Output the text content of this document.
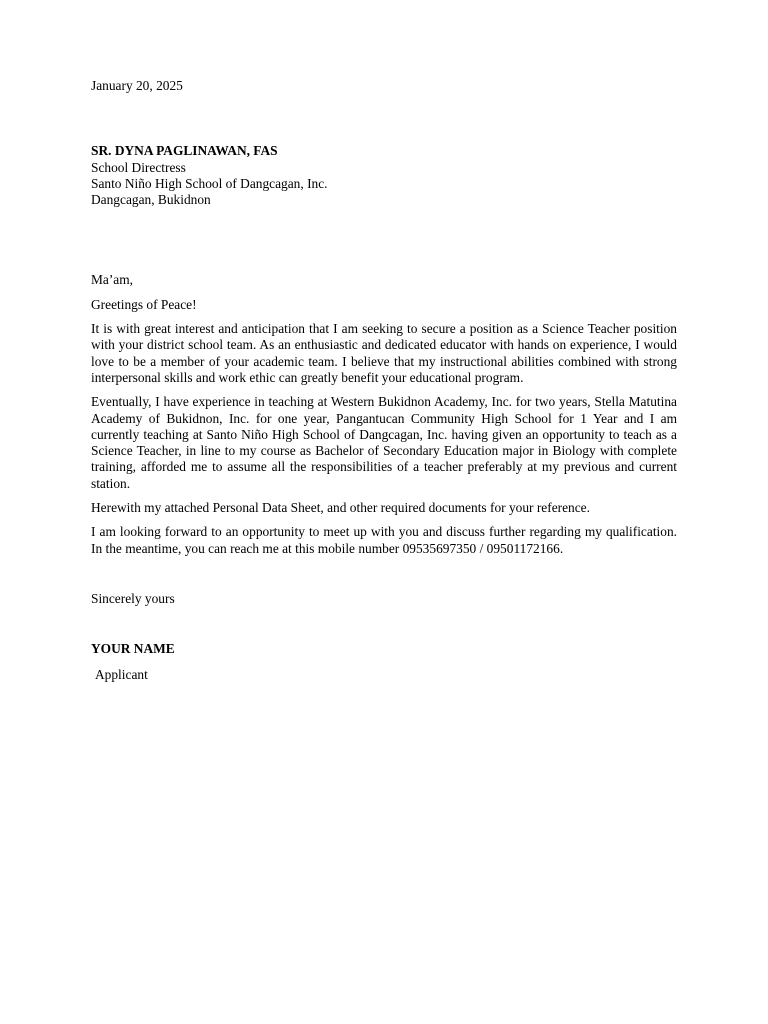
January 20, 2025
SR. DYNA PAGLINAWAN, FAS
School Directress
Santo Niño High School of Dangcagan, Inc.
Dangcagan, Bukidnon

Ma’am,

Greetings of Peace!

It is with great interest and anticipation that I am seeking to secure a position as a Science Teacher position with your district school team. As an enthusiastic and dedicated educator with hands on experience, I would love to be a member of your academic team. I believe that my instructional abilities combined with strong interpersonal skills and work ethic can greatly benefit your educational program.

Eventually, I have experience in teaching at Western Bukidnon Academy, Inc. for two years, Stella Matutina Academy of Bukidnon, Inc. for one year, Pangantucan Community High School for 1 Year and I am currently teaching at Santo Niño High School of Dangcagan, Inc. having given an opportunity to teach as a Science Teacher, in line to my course as Bachelor of Secondary Education major in Biology with complete training, afforded me to assume all the responsibilities of a teacher preferably at my previous and current station.

Herewith my attached Personal Data Sheet, and other required documents for your reference.

I am looking forward to an opportunity to meet up with you and discuss further regarding my qualification. In the meantime, you can reach me at this mobile number 09535697350 / 09501172166.

Sincerely yours

YOUR NAME

Applicant
